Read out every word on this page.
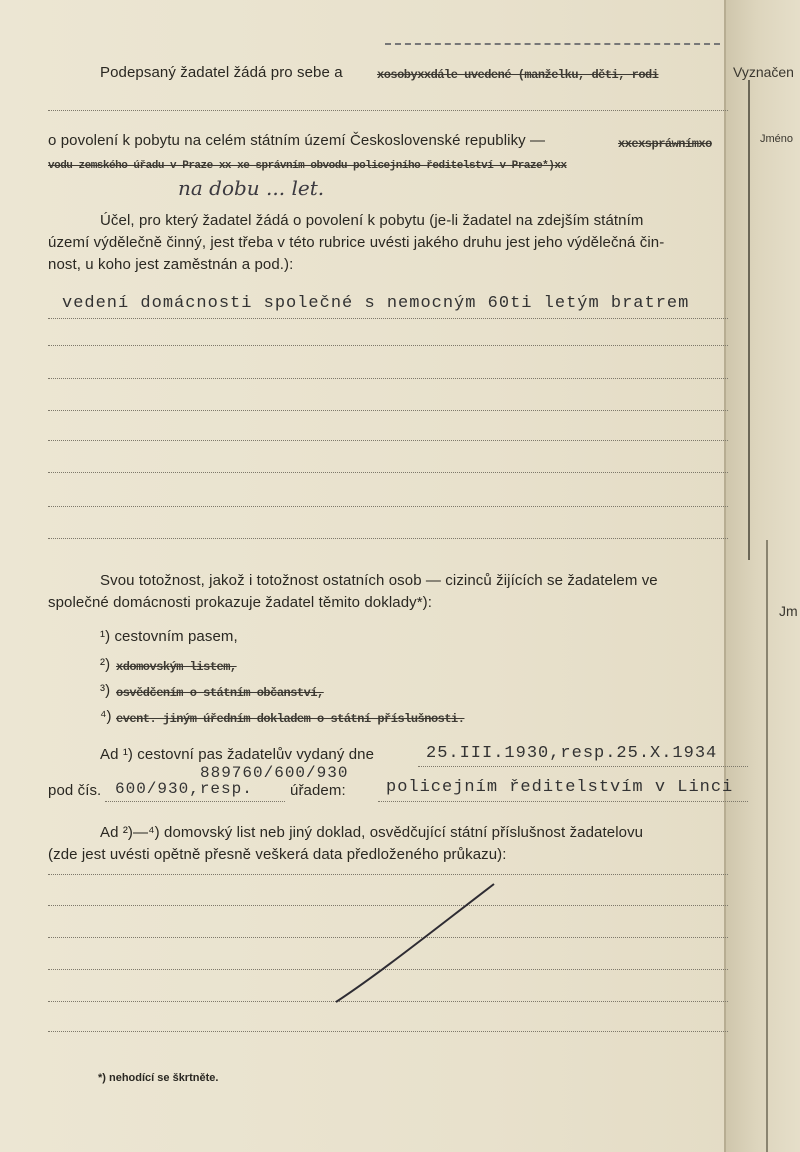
Vyznačen
Jméno
Jm
Podepsaný žadatel žádá pro sebe a	xosobyxxdále uvedené (manželku, děti, rodi
o povolení k pobytu na celém státním území Československé republiky —	xxexspráwnímxo
vodu zemského úřadu v Praze xx xe správním obvodu policejního ředitelství v Praze*)xx
na dobu ... let.
Účel, pro který žadatel žádá o povolení k pobytu (je-li žadatel na zdejším státním
území výdělečně činný, jest třeba v této rubrice uvésti jakého druhu jest jeho výdělečná čin-
nost, u koho jest zaměstnán a pod.):
vedení domácnosti společné s nemocným 60ti letým bratrem
Svou totožnost, jakož i totožnost ostatních osob — cizinců žijících se žadatelem ve
společné domácnosti prokazuje žadatel těmito doklady*):
¹) cestovním pasem,
²) xdomovským listem,
³) osvědčením o státním občanství,
⁴) event. jiným úředním dokladem o státní příslušnosti.
Ad ¹) cestovní pas žadatelův vydaný dne	25.III.1930,resp.25.X.1934
889760/600/930
pod čís. 600/930,resp. úřadem: policejním ředitelstvím v Linci
Ad ²)—⁴) domovský list neb jiný doklad, osvědčující státní příslušnost žadatelovu
(zde jest uvésti opětně přesně veškerá data předloženého průkazu):
*) nehodící se škrtněte.
